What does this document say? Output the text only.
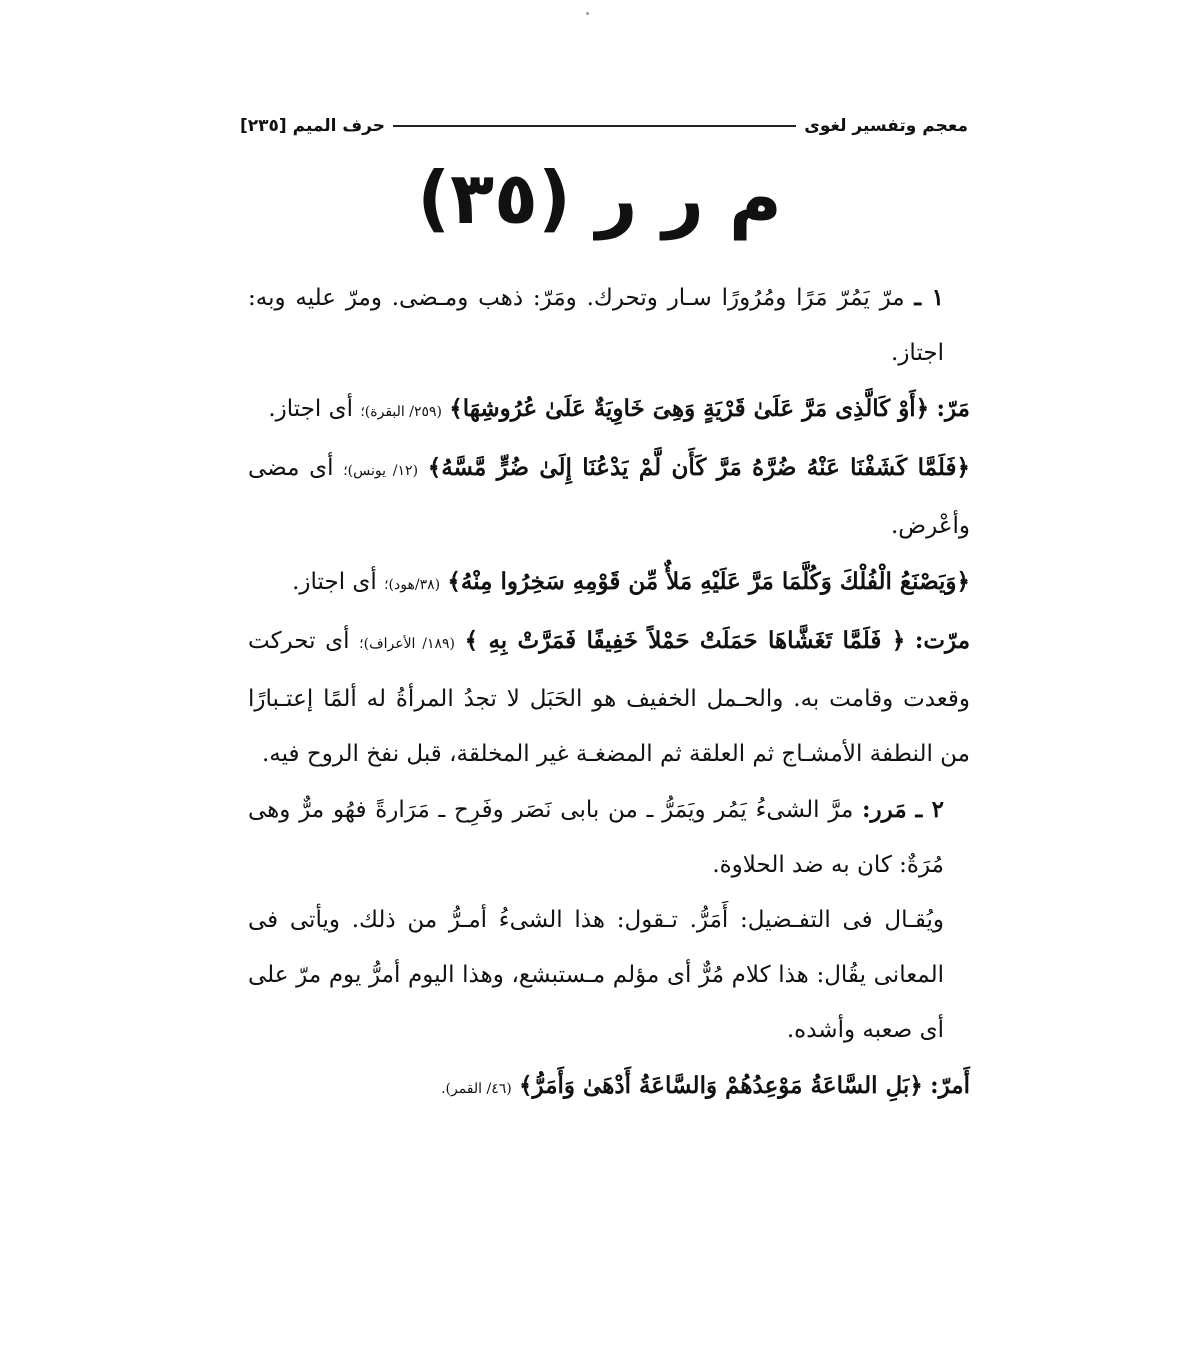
معجم وتفسير لغوى
حرف الميم [٢٣٥]
م ر ر (٣٥)

١ ـ مرّ يَمُرّ مَرًا ومُرُورًا سـار وتحرك. ومَرّ: ذهب ومـضى. ومرّ عليه وبه: اجتاز.

مَرّ: ﴿أَوْ كَالَّذِى مَرَّ عَلَىٰ قَرْيَةٍ وَهِىَ خَاوِيَةٌ عَلَىٰ عُرُوشِهَا﴾ (٢٥٩/ البقرة)؛ أى اجتاز.

﴿فَلَمَّا كَشَفْنَا عَنْهُ ضُرَّهُ مَرَّ كَأَن لَّمْ يَدْعُنَا إِلَىٰ ضُرٍّ مَّسَّهُ﴾ (١٢/ يونس)؛ أى مضى وأعْرض.

﴿وَيَصْنَعُ الْفُلْكَ وَكُلَّمَا مَرَّ عَلَيْهِ مَلأٌ مِّن قَوْمِهِ سَخِرُوا مِنْهُ﴾ (٣٨/هود)؛ أى اجتاز.

مرّت: ﴿ فَلَمَّا تَغَشَّاهَا حَمَلَتْ حَمْلاً خَفِيفًا فَمَرَّتْ بِهِ ﴾ (١٨٩/ الأعراف)؛ أى تحركت وقعدت وقامت به. والحـمل الخفيف هو الحَبَل لا تجدُ المرأةُ له ألمًا إعتـبارًا من النطفة الأمشـاج ثم العلقة ثم المضغـة غير المخلقة، قبل نفخ الروح فيه.

٢ ـ مَرر: مرَّ الشىءُ يَمُر ويَمَرُّ ـ من بابى نَصَر وفَرِح ـ مَرَارةً فهُو مرٌّ وهى مُرَةٌ: كان به ضد الحلاوة.

ويُقـال فى التفـضيل: أَمَرُّ. تـقول: هذا الشىءُ أمـرُّ من ذلك. ويأتى فى المعانى يقُال: هذا كلام مُرٌّ أى مؤلم مـستبشع، وهذا اليوم أمرُّ يوم مرّ على أى صعبه وأشده.

أَمرّ: ﴿بَلِ السَّاعَةُ مَوْعِدُهُمْ وَالسَّاعَةُ أَدْهَىٰ وَأَمَرُّ﴾ (٤٦/ القمر).
